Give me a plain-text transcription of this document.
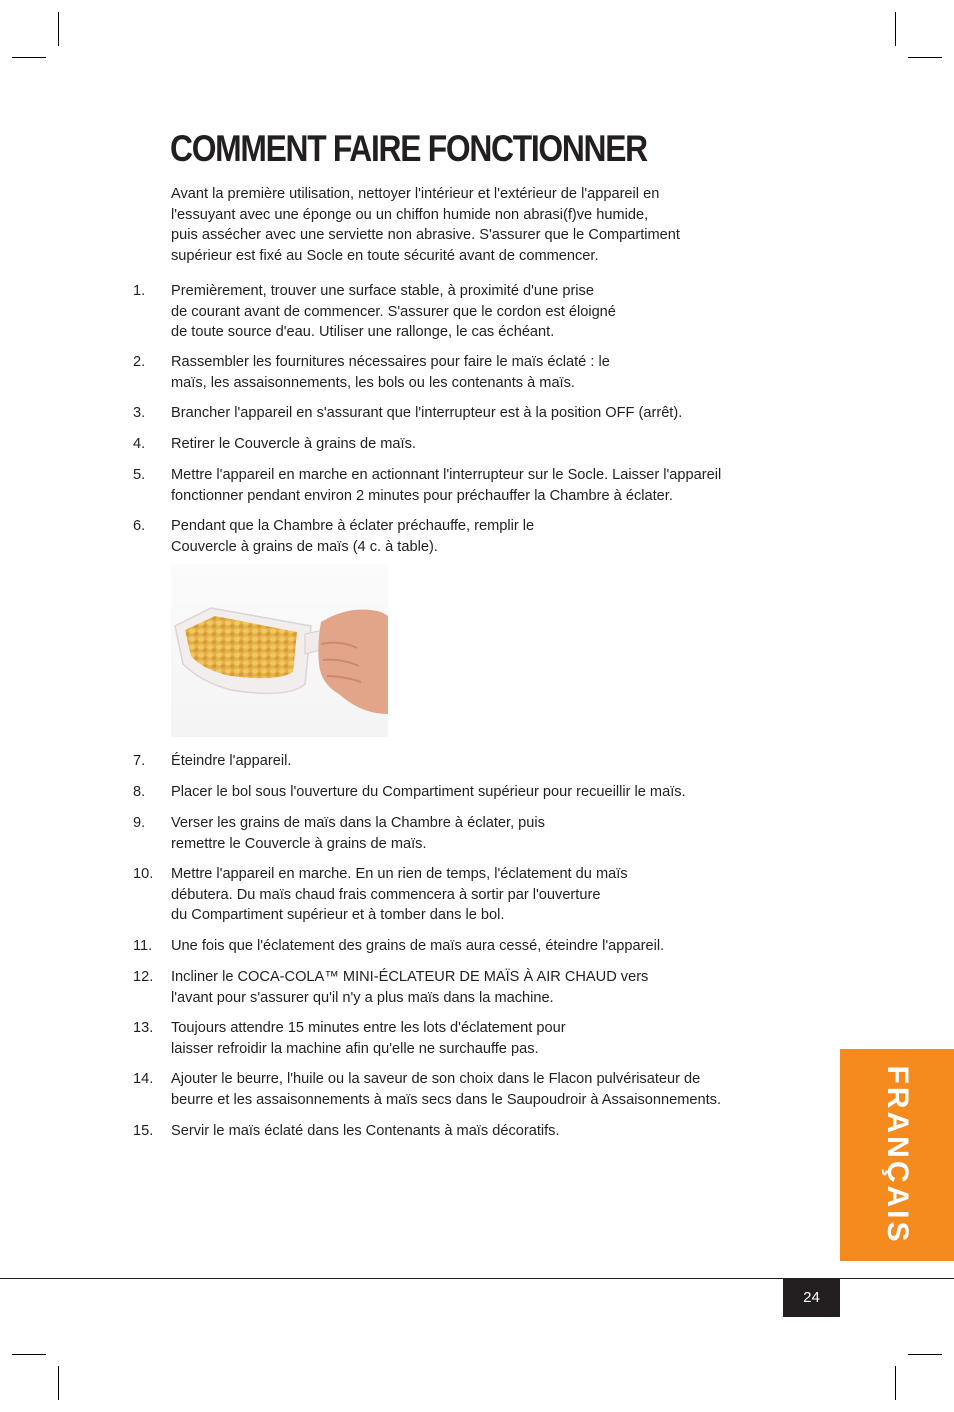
COMMENT FAIRE FONCTIONNER
Avant la première utilisation, nettoyer l'intérieur et l'extérieur de l'appareil en
l'essuyant avec une éponge ou un chiffon humide non abrasi(f)ve humide,
puis assécher avec une serviette non abrasive. S'assurer que le Compartiment
supérieur est fixé au Socle en toute sécurité avant de commencer.
1.	Premièrement, trouver une surface stable, à proximité d'une prise
de courant avant de commencer. S'assurer que le cordon est éloigné
de toute source d'eau. Utiliser une rallonge, le cas échéant.
2.	Rassembler les fournitures nécessaires pour faire le maïs éclaté : le
maïs, les assaisonnements, les bols ou les contenants à maïs.
3.	Brancher l'appareil en s'assurant que l'interrupteur est à la position OFF (arrêt).
4.	Retirer le Couvercle à grains de maïs.
5.	Mettre l'appareil en marche en actionnant l'interrupteur sur le Socle. Laisser l'appareil
fonctionner pendant environ 2 minutes pour préchauffer la Chambre à éclater.
6.	Pendant que la Chambre à éclater préchauffe, remplir le
Couvercle à grains de maïs (4 c. à table).
7.	Éteindre l'appareil.
8.	Placer le bol sous l'ouverture du Compartiment supérieur pour recueillir le maïs.
9.	Verser les grains de maïs dans la Chambre à éclater, puis
remettre le Couvercle à grains de maïs.
10.	Mettre l'appareil en marche. En un rien de temps, l'éclatement du maïs
débutera. Du maïs chaud frais commencera à sortir par l'ouverture
du Compartiment supérieur et à tomber dans le bol.
11.	Une fois que l'éclatement des grains de maïs aura cessé, éteindre l'appareil.
12.	Incliner le COCA-COLA™ MINI-ÉCLATEUR DE MAÏS À AIR CHAUD vers
l'avant pour s'assurer qu'il n'y a plus maïs dans la machine.
13.	Toujours attendre 15 minutes entre les lots d'éclatement pour
laisser refroidir la machine afin qu'elle ne surchauffe pas.
14.	Ajouter le beurre, l'huile ou la saveur de son choix dans le Flacon pulvérisateur de
beurre et les assaisonnements à maïs secs dans le Saupoudroir à Assaisonnements.
15.	Servir le maïs éclaté dans les Contenants à maïs décoratifs.	FRANÇAIS
24
